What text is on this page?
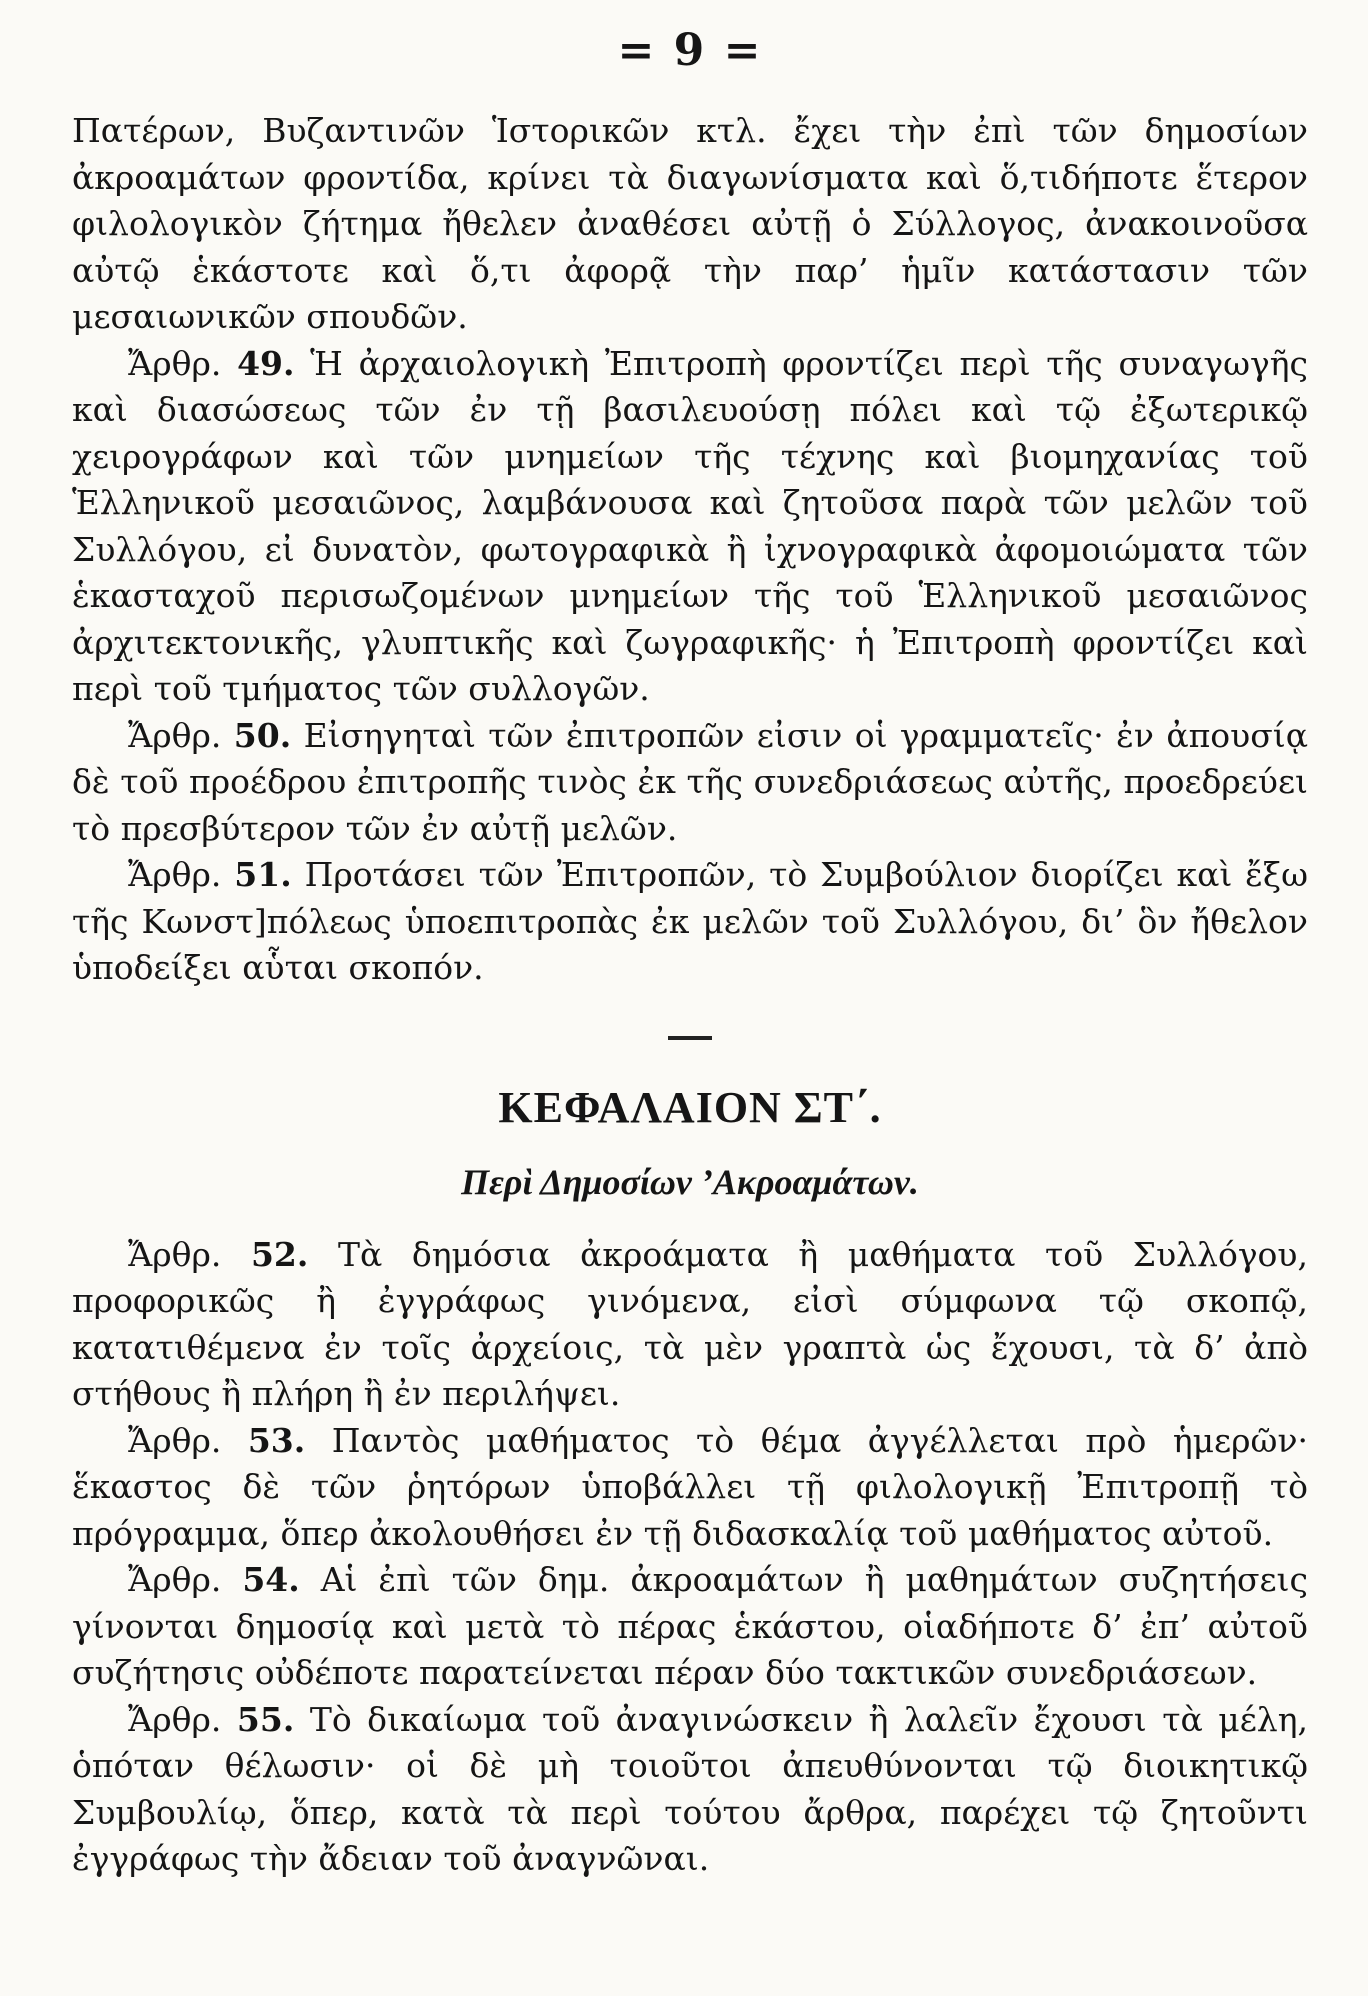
= 9 =

Πατέρων, Βυζαντινῶν Ἱστορικῶν κτλ. ἔχει τὴν ἐπὶ τῶν δημοσίων ἀκροαμάτων φροντίδα, κρίνει τὰ διαγωνίσματα καὶ ὅ,τιδήποτε ἕτερον φιλολογικὸν ζήτημα ἤθελεν ἀναθέσει αὐτῇ ὁ Σύλλογος, ἀνακοινοῦσα αὐτῷ ἑκάστοτε καὶ ὅ,τι ἀφορᾷ τὴν παρ’ ἡμῖν κατάστασιν τῶν μεσαιωνικῶν σπουδῶν.

Ἄρθρ. 49. Ἡ ἀρχαιολογικὴ Ἐπιτροπὴ φροντίζει περὶ τῆς συναγωγῆς καὶ διασώσεως τῶν ἐν τῇ βασιλευούσῃ πόλει καὶ τῷ ἐξωτερικῷ χειρογράφων καὶ τῶν μνημείων τῆς τέχνης καὶ βιομηχανίας τοῦ Ἑλληνικοῦ μεσαιῶνος, λαμβάνουσα καὶ ζητοῦσα παρὰ τῶν μελῶν τοῦ Συλλόγου, εἰ δυνατὸν, φωτογραφικὰ ἢ ἰχνογραφικὰ ἀφομοιώματα τῶν ἑκασταχοῦ περισωζομένων μνημείων τῆς τοῦ Ἑλληνικοῦ μεσαιῶνος ἀρχιτεκτονικῆς, γλυπτικῆς καὶ ζωγραφικῆς· ἡ Ἐπιτροπὴ φροντίζει καὶ περὶ τοῦ τμήματος τῶν συλλογῶν.

Ἄρθρ. 50. Εἰσηγηταὶ τῶν ἐπιτροπῶν εἰσιν οἱ γραμματεῖς· ἐν ἀπουσίᾳ δὲ τοῦ προέδρου ἐπιτροπῆς τινὸς ἐκ τῆς συνεδριάσεως αὐτῆς, προεδρεύει τὸ πρεσβύτερον τῶν ἐν αὐτῇ μελῶν.

Ἄρθρ. 51. Προτάσει τῶν Ἐπιτροπῶν, τὸ Συμβούλιον διορίζει καὶ ἔξω τῆς Κωνστ]πόλεως ὑποεπιτροπὰς ἐκ μελῶν τοῦ Συλλόγου, δι’ ὃν ἤθελον ὑποδείξει αὗται σκοπόν.

ΚΕΦΑΛΑΙΟΝ ΣΤ΄.
Περὶ Δημοσίων ’Ακροαμάτων.

Ἄρθρ. 52. Τὰ δημόσια ἀκροάματα ἢ μαθήματα τοῦ Συλλόγου, προφορικῶς ἢ ἐγγράφως γινόμενα, εἰσὶ σύμφωνα τῷ σκοπῷ, κατατιθέμενα ἐν τοῖς ἀρχείοις, τὰ μὲν γραπτὰ ὡς ἔχουσι, τὰ δ’ ἀπὸ στήθους ἢ πλήρη ἢ ἐν περιλήψει.

Ἄρθρ. 53. Παντὸς μαθήματος τὸ θέμα ἀγγέλλεται πρὸ ἡμερῶν· ἕκαστος δὲ τῶν ῥητόρων ὑποβάλλει τῇ φιλολογικῇ Ἐπιτροπῇ τὸ πρόγραμμα, ὅπερ ἀκολουθήσει ἐν τῇ διδασκαλίᾳ τοῦ μαθήματος αὐτοῦ.

Ἄρθρ. 54. Αἱ ἐπὶ τῶν δημ. ἀκροαμάτων ἢ μαθημάτων συζητήσεις γίνονται δημοσίᾳ καὶ μετὰ τὸ πέρας ἑκάστου, οἱαδήποτε δ’ ἐπ’ αὐτοῦ συζήτησις οὐδέποτε παρατείνεται πέραν δύο τακτικῶν συνεδριάσεων.

Ἄρθρ. 55. Τὸ δικαίωμα τοῦ ἀναγινώσκειν ἢ λαλεῖν ἔχουσι τὰ μέλη, ὁπόταν θέλωσιν· οἱ δὲ μὴ τοιοῦτοι ἀπευθύνονται τῷ διοικητικῷ Συμβουλίῳ, ὅπερ, κατὰ τὰ περὶ τούτου ἄρθρα, παρέχει τῷ ζητοῦντι ἐγγράφως τὴν ἄδειαν τοῦ ἀναγνῶναι.
